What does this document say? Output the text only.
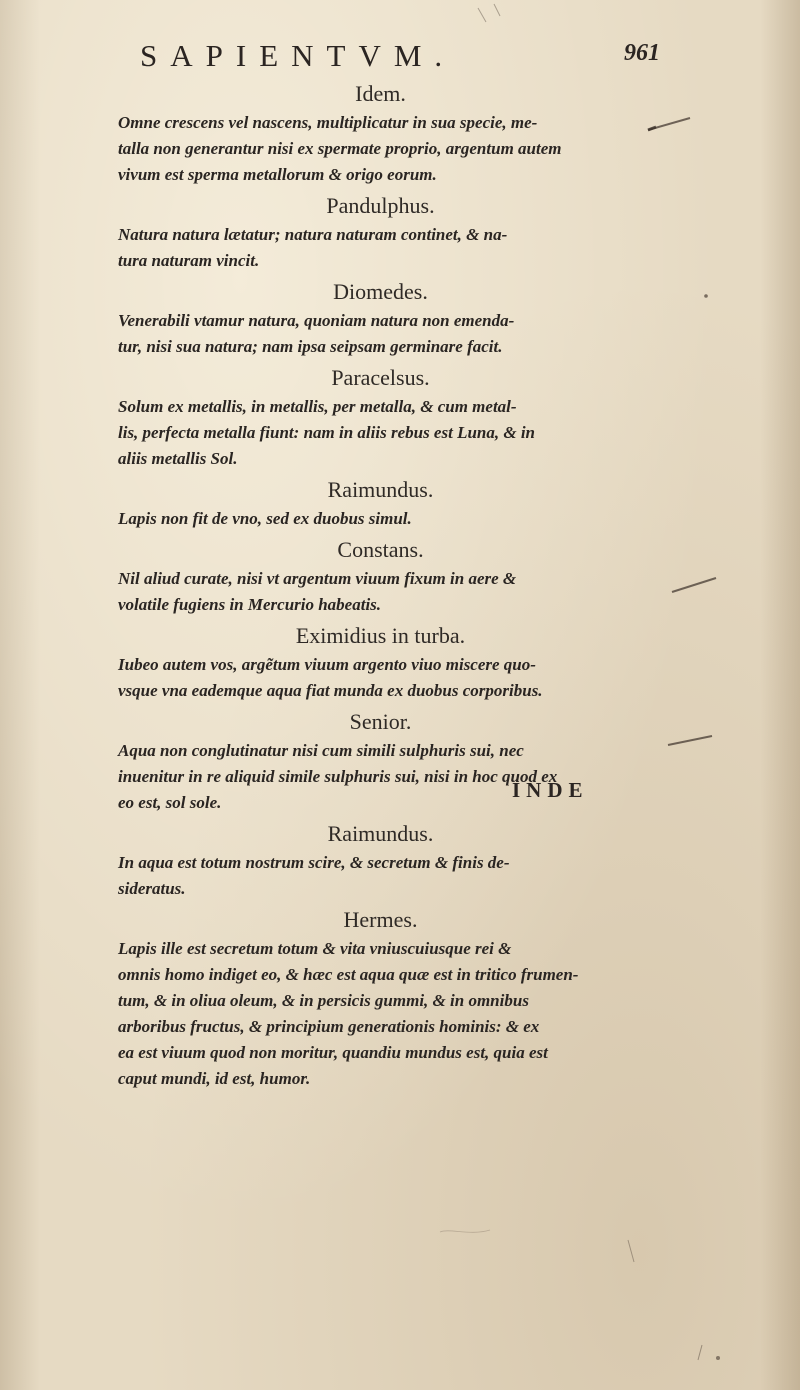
SAPIENTVM.	961

Idem.

Omne crescens vel nascens, multiplicatur in sua specie, me-
talla non generantur nisi ex spermate proprio, argentum autem
vivum est sperma metallorum & origo eorum.

Pandulphus.

Natura natura lætatur; natura naturam continet, & na-
tura naturam vincit.

Diomedes.

Venerabili vtamur natura, quoniam natura non emenda-
tur, nisi sua natura; nam ipsa seipsam germinare facit.

Paracelsus.

Solum ex metallis, in metallis, per metalla, & cum metal-
lis, perfecta metalla fiunt: nam in aliis rebus est Luna, & in
aliis metallis Sol.

Raimundus.

Lapis non fit de vno, sed ex duobus simul.

Constans.

Nil aliud curate, nisi vt argentum viuum fixum in aere &
volatile fugiens in Mercurio habeatis.

Eximidius in turba.

Iubeo autem vos, argẽtum viuum argento viuo miscere quo-
vsque vna eademque aqua fiat munda ex duobus corporibus.

Senior.

Aqua non conglutinatur nisi cum simili sulphuris sui, nec
inuenitur in re aliquid simile sulphuris sui, nisi in hoc quod ex
eo est, sol sole.

Raimundus.

In aqua est totum nostrum scire, & secretum & finis de-
sideratus.

Hermes.

Lapis ille est secretum totum & vita vniuscuiusque rei &
omnis homo indiget eo, & hæc est aqua quæ est in tritico frumen-
tum, & in oliua oleum, & in persicis gummi, & in omnibus
arboribus fructus, & principium generationis hominis: & ex
ea est viuum quod non moritur, quandiu mundus est, quia est
caput mundi, id est, humor.
INDE
